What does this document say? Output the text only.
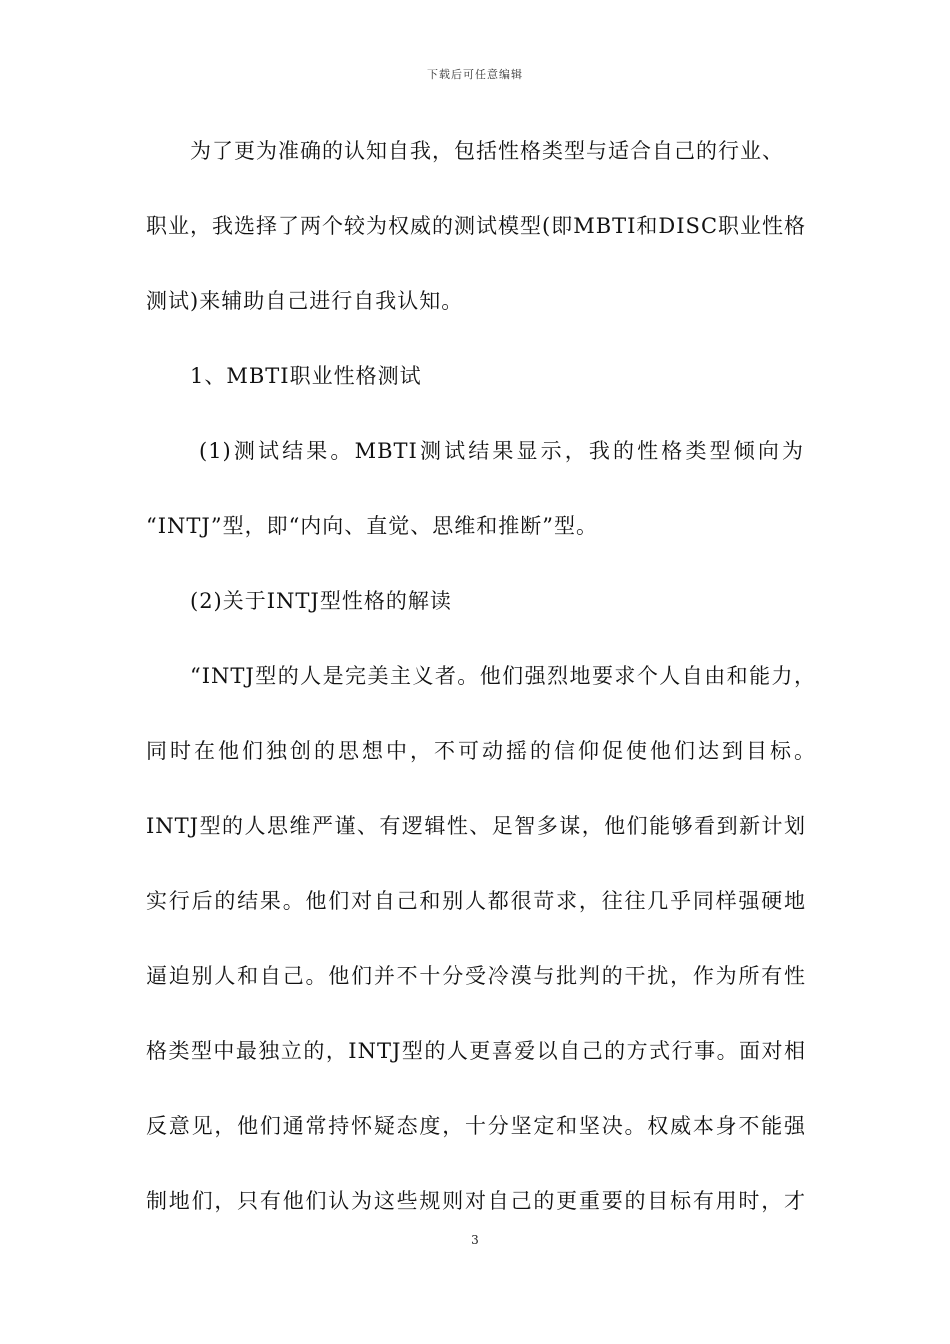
下载后可任意编辑
为了更为准确的认知自我，包括性格类型与适合自己的行业、
职业，我选择了两个较为权威的测试模型(即MBTI和DISC职业性格
测试)来辅助自己进行自我认知。
1、MBTI职业性格测试
(1)测试结果。MBTI测试结果显示，我的性格类型倾向为
“INTJ”型，即“内向、直觉、思维和推断”型。
(2)关于INTJ型性格的解读
“INTJ型的人是完美主义者。他们强烈地要求个人自由和能力，
同时在他们独创的思想中，不可动摇的信仰促使他们达到目标。
INTJ型的人思维严谨、有逻辑性、足智多谋，他们能够看到新计划
实行后的结果。他们对自己和别人都很苛求，往往几乎同样强硬地
逼迫别人和自己。他们并不十分受冷漠与批判的干扰，作为所有性
格类型中最独立的，INTJ型的人更喜爱以自己的方式行事。面对相
反意见，他们通常持怀疑态度，十分坚定和坚决。权威本身不能强
制地们，只有他们认为这些规则对自己的更重要的目标有用时，才
3
